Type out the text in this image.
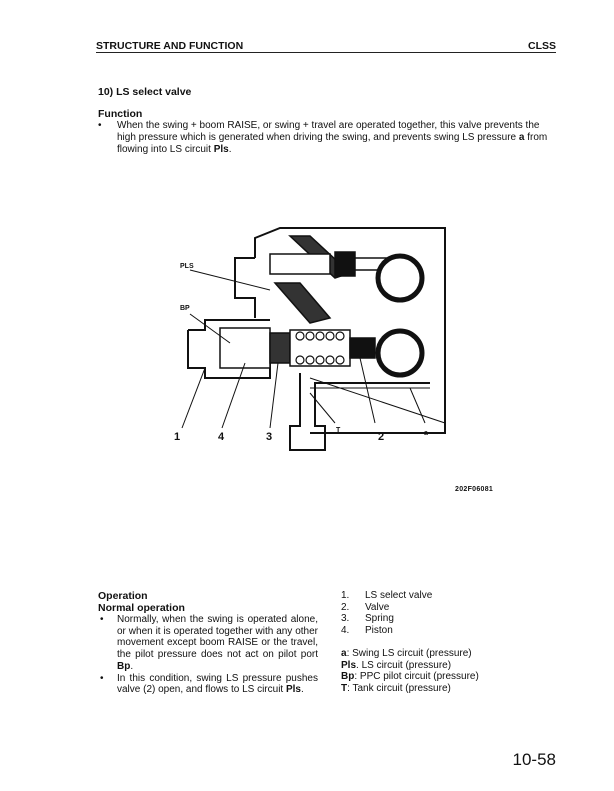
STRUCTURE AND FUNCTION	CLSS
10) LS select valve
Function
• When the swing + boom RAISE, or swing + travel are operated together, this valve prevents the high pressure which is generated when driving the swing, and prevents swing LS pressure a from flowing into LS circuit Pls.
PLS
BP
1	4	3	2
T	a
202F06081
Operation
Normal operation
• Normally, when the swing is operated alone, or when it is operated together with any other movement except boom RAISE or the travel, the pilot pressure does not act on pilot port Bp.
• In this condition, swing LS pressure pushes valve (2) open, and flows to LS circuit Pls.
1. LS select valve
2. Valve
3. Spring
4. Piston
a: Swing LS circuit (pressure)
Pls. LS circuit (pressure)
Bp: PPC pilot circuit (pressure)
T: Tank circuit (pressure)
10-58
